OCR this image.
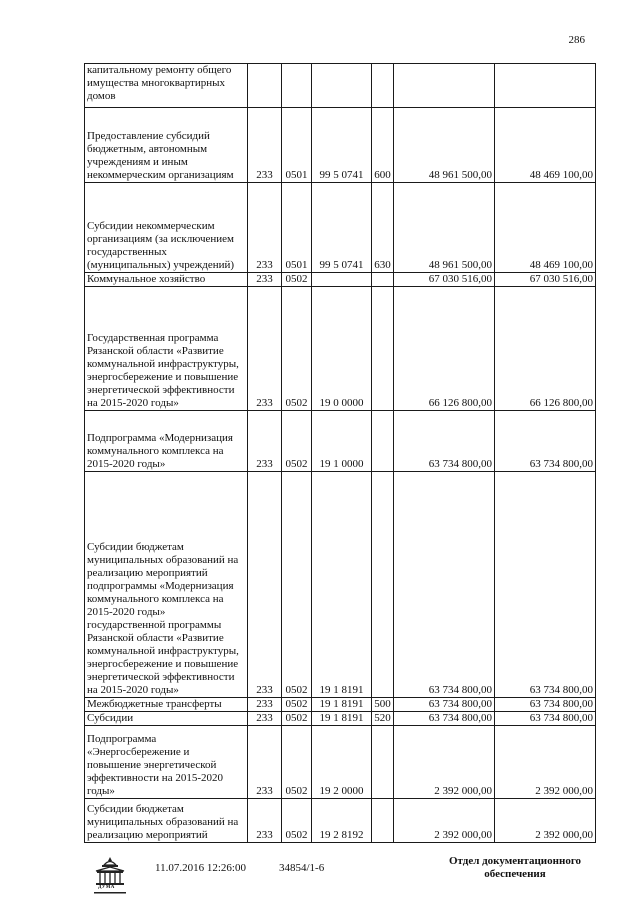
286
капитальному ремонту общего имущества многоквартирных домов						
Предоставление субсидий бюджетным, автономным учреждениям и иным некоммерческим организациям	233	0501	99 5 0741	600	48 961 500,00	48 469 100,00
Субсидии некоммерческим организациям (за исключением государственных (муниципальных) учреждений)	233	0501	99 5 0741	630	48 961 500,00	48 469 100,00
Коммунальное хозяйство	233	0502			67 030 516,00	67 030 516,00
Государственная программа Рязанской области «Развитие коммунальной инфраструктуры, энергосбережение и повышение энергетической эффективности на 2015-2020 годы»	233	0502	19 0 0000		66 126 800,00	66 126 800,00
Подпрограмма «Модернизация коммунального комплекса на 2015-2020 годы»	233	0502	19 1 0000		63 734 800,00	63 734 800,00
Субсидии бюджетам муниципальных образований на реализацию мероприятий подпрограммы «Модернизация коммунального комплекса на 2015-2020 годы» государственной программы Рязанской области «Развитие коммунальной инфраструктуры, энергосбережение и повышение энергетической эффективности на 2015-2020 годы»	233	0502	19 1 8191		63 734 800,00	63 734 800,00
Межбюджетные трансферты	233	0502	19 1 8191	500	63 734 800,00	63 734 800,00
Субсидии	233	0502	19 1 8191	520	63 734 800,00	63 734 800,00
Подпрограмма «Энергосбережение и повышение энергетической эффективности на 2015-2020 годы»	233	0502	19 2 0000		2 392 000,00	2 392 000,00
Субсидии бюджетам муниципальных образований на реализацию мероприятий	233	0502	19 2 8192		2 392 000,00	2 392 000,00
ДУМА
11.07.2016 12:26:00	34854/1-6
Отдел документационного
обеспечения
